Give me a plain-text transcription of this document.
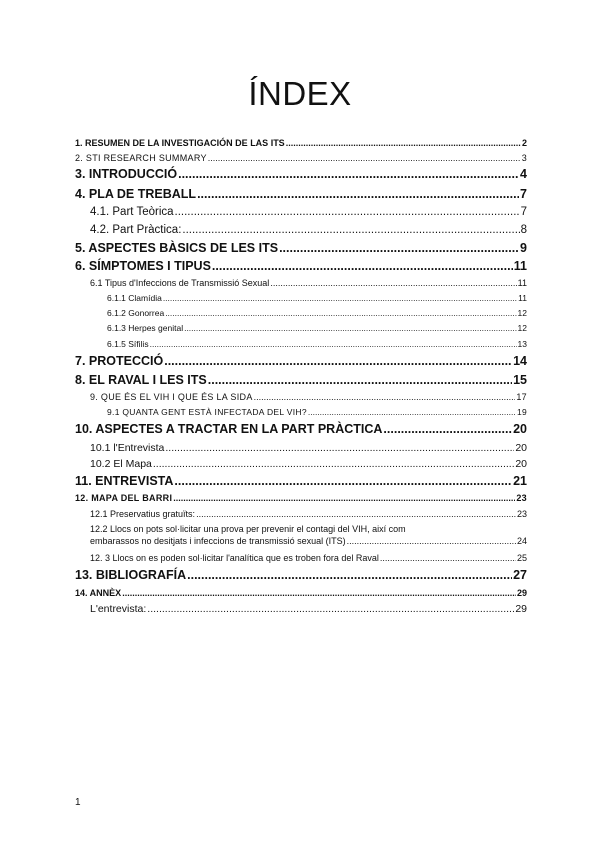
ÍNDEX
1. RESUMEN DE LA INVESTIGACIÓN DE LAS ITS .....	2
2. STI RESEARCH SUMMARY .....	3
3. INTRODUCCIÓ .....	4
4. PLA DE TREBALL .....	7
4.1. Part Teòrica .....	7
4.2. Part Pràctica: .....	8
5. ASPECTES BÀSICS DE LES ITS .....	9
6. SÍMPTOMES I TIPUS .....	11
6.1 Tipus d'Infeccions de Transmissió Sexual .....	11
6.1.1 Clamídia .....	11
6.1.2 Gonorrea .....	12
6.1.3 Herpes genital .....	12
6.1.5 Sífilis .....	13
7. PROTECCIÓ .....	14
8. EL RAVAL I LES ITS .....	15
9. QUE ÉS EL VIH I QUE ÉS LA SIDA .....	17
9.1 QUANTA GENT ESTÀ INFECTADA DEL VIH? .....	19
10. ASPECTES A TRACTAR EN LA PART PRÀCTICA .....	20
10.1 l'Entrevista .....	20
10.2 El Mapa .....	20
11. ENTREVISTA .....	21
12. MAPA DEL BARRI .....	23
12.1 Preservatius gratuïts: .....	23
12.2 Llocs on pots sol·licitar una prova per prevenir el contagi del VIH, així com
embarassos no desitjats i infeccions de transmissió sexual (ITS) .....	24
12. 3 Llocs on es poden sol·licitar l'analítica que es troben fora del Raval .....	25
13. BIBLIOGRAFÍA .....	27
14. ANNÈX .....	29
L'entrevista: .....	29
1
